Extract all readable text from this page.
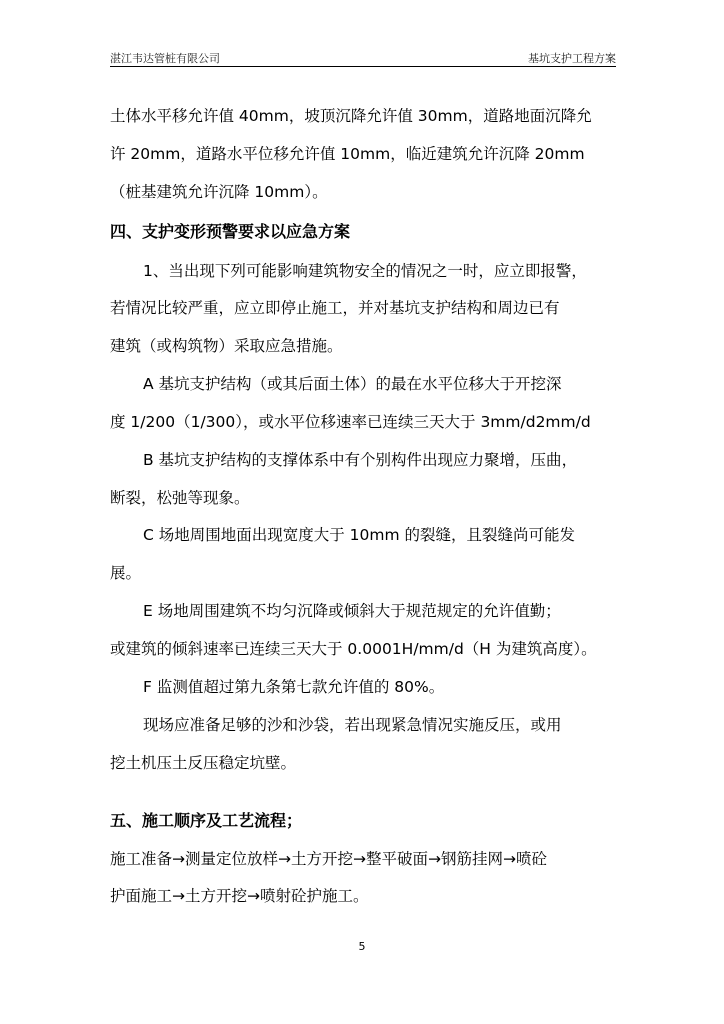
湛江韦达管桩有限公司	基坑支护工程方案
土体水平移允许值 40mm，坡顶沉降允许值 30mm，道路地面沉降允
许 20mm，道路水平位移允许值 10mm，临近建筑允许沉降 20mm
（桩基建筑允许沉降 10mm）。
四、支护变形预警要求以应急方案
1、当出现下列可能影响建筑物安全的情况之一时，应立即报警，
若情况比较严重，应立即停止施工，并对基坑支护结构和周边已有
建筑（或构筑物）采取应急措施。
A 基坑支护结构（或其后面土体）的最在水平位移大于开挖深
度 1/200（1/300），或水平位移速率已连续三天大于 3mm/d2mm/d
B 基坑支护结构的支撑体系中有个别构件出现应力聚增，压曲，
断裂，松弛等现象。
C 场地周围地面出现宽度大于 10mm 的裂缝，且裂缝尚可能发
展。
E 场地周围建筑不均匀沉降或倾斜大于规范规定的允许值勤；
或建筑的倾斜速率已连续三天大于 0.0001H/mm/d（H 为建筑高度）。
F 监测值超过第九条第七款允许值的 80%。
现场应准备足够的沙和沙袋，若出现紧急情况实施反压，或用
挖土机压土反压稳定坑壁。
五、施工顺序及工艺流程；
施工准备→测量定位放样→土方开挖→整平破面→钢筋挂网→喷砼
护面施工→土方开挖→喷射砼护施工。
5
